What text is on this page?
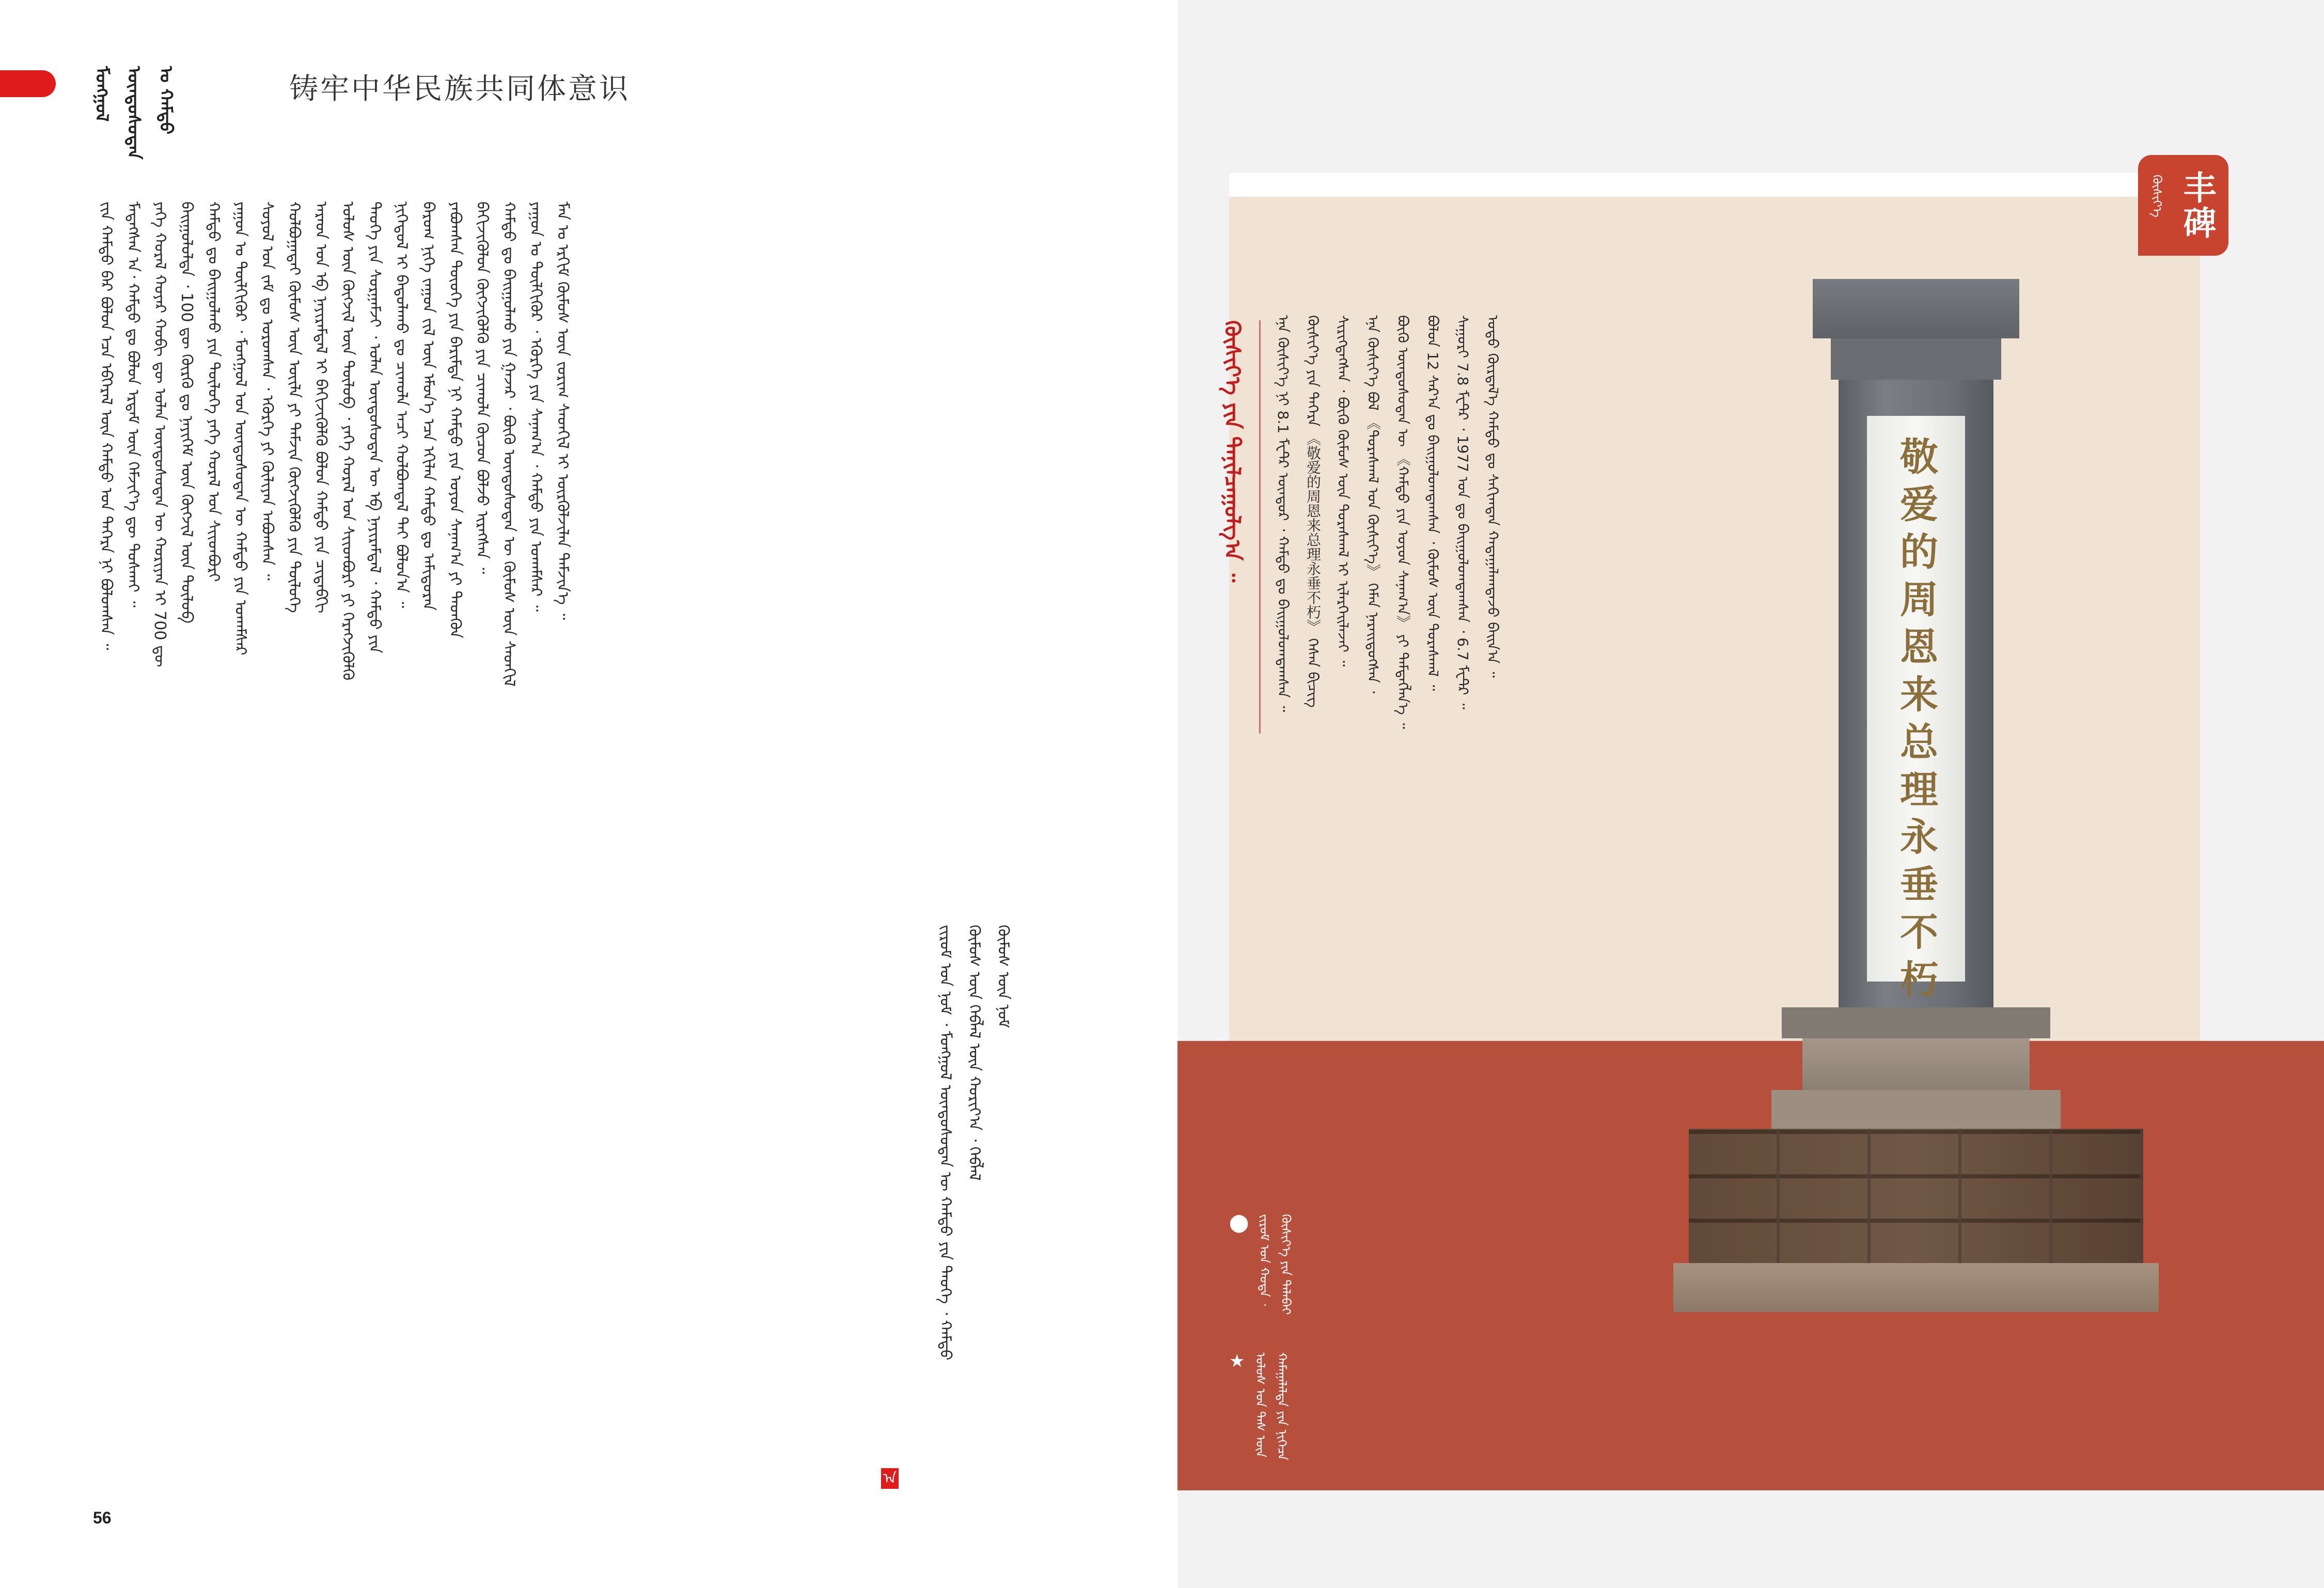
ᠮᠣᠩᠭᠣᠯ ᠦᠨᠳᠦᠰᠦᠲᠡᠨ ᠤ ᠬᠠᠮᠲᠤ	铸牢中华民族共同体意识
ᠵᠢᠨ ᠬᠠᠮᠲᠤ ᠪᠡᠷ ᠪᠣᠯᠤᠨ ᠡᠴᠡ ᠡᠪᠬᠡᠷᠡᠯ ᠦᠨ ᠬᠠᠮᠲᠤ ᠤᠨ ᠳᠡᠭᠡᠷᠡ ᠨᠢ ᠪᠣᠯᠤᠭᠰᠠᠨ ᠃ ᠮᠡᠳᠡᠭᠰᠡᠨ ᠠ᠂ ᠬᠠᠮᠲᠤ ᠳᠤ ᠪᠣᠯᠤᠨ ᠡᠷᠳᠡᠮ ᠦᠨ ᠬᠡᠮᠵᠢᠶ᠎ᠡ ᠳᠦ ᠲᠤᠰᠬᠠᠢ ᠃ ᠶᠡᠬᠡ ᠬᠤᠷᠠᠯ ᠬᠣᠶᠠᠷ ᠬᠤᠪᠢ ᠳᠦ ᠣᠯᠠᠨ ᠦᠨᠳᠦᠰᠦᠲᠡᠨ ᠦ ᠬᠣᠷᠢᠶᠠᠨ ᠢ 700 ᠳᠦ ᠪᠠᠢᠭᠤᠯᠤᠯᠲᠠ ᠂ 100 ᠳᠦ ᠬᠦᠷᠬᠦ ᠳᠤ ᠨᠡᠶᠢᠭᠡᠮ ᠦᠨ ᠬᠥᠭᠵᠢᠯ ᠦᠨ ᠲᠥᠯᠦᠪ ᠬᠠᠮᠲᠤ ᠳᠤ ᠪᠠᠢᠭᠤᠯᠬᠤ ᠶᠢᠨ ᠲᠥᠯᠥᠭᠡ ᠶᠡᠬᠡ ᠬᠤᠷᠠᠯ ᠤᠨ ᠰᠢᠢᠳᠪᠦᠷᠢ ᠶᠠᠭᠤᠨ ᠤ ᠲᠦᠯᠬᠢᠭᠦᠷ ᠂ ᠮᠣᠩᠭᠣᠯ ᠤᠨ ᠦᠨᠳᠦᠰᠦᠲᠡᠨ ᠦ ᠬᠠᠮᠲᠤ ᠶᠢᠨ ᠤᠬᠠᠮᠰᠠᠷ ᠰᠣᠶᠣᠯ ᠤᠨ ᠵᠠᠮ ᠳᠤ ᠣᠷᠣᠭᠰᠠᠨ ᠂ ᠡᠭᠦᠷᠭᠡ ᠶᠢ ᠬᠦᠯᠢᠶᠡᠨ ᠠᠪᠤᠭᠰᠠᠨ ᠃ ᠬᠣᠯᠪᠣᠭᠠᠲᠠᠢ ᠬᠦᠮᠦᠰ ᠦᠨ ᠦᠢᠯᠡ ᠶᠢ ᠳᠡᠮᠵᠢᠨ ᠬᠥᠭᠵᠢᠭᠦᠯᠬᠦ ᠶᠢᠨ ᠲᠥᠯᠥᠭᠡ ᠠᠷᠠᠳ ᠤᠨ ᠡᠪ ᠨᠠᠶᠢᠷᠠᠮᠳᠠᠯ ᠢ ᠪᠡᠬᠢᠵᠢᠭᠦᠯᠬᠦ ᠪᠣᠯᠤᠨ ᠬᠠᠮᠲᠤ ᠶᠢᠨ ᠴᠢᠳᠠᠪᠬᠢ ᠤᠯᠤᠰ ᠦᠨ ᠬᠥᠭᠵᠢᠯ ᠦᠨ ᠲᠥᠯᠦᠪ ᠂ ᠶᠡᠬᠡ ᠬᠤᠷᠠᠯ ᠤᠨ ᠰᠢᠢᠳᠪᠦᠷᠢ ᠶᠢ ᠬᠡᠷᠡᠭᠵᠢᠭᠦᠯᠬᠦ ᠲᠡᠦᠬᠡ ᠶᠢᠨ ᠰᠤᠷᠭᠠᠮᠵᠢ ᠂ ᠣᠯᠠᠨ ᠦᠨᠳᠦᠰᠦᠲᠡᠨ ᠦ ᠡᠪ ᠨᠠᠶᠢᠷᠠᠮᠳᠠᠯ ᠂ ᠬᠠᠮᠲᠤ ᠶᠢᠨ ᠨᠢᠭᠡᠳᠦᠯ ᠢ ᠪᠠᠲᠤᠯᠠᠬᠤ ᠳᠤ ᠴᠢᠬᠤᠯᠠ ᠠᠴᠢ ᠬᠣᠯᠪᠣᠭᠳᠠᠯ ᠲᠠᠢ ᠪᠣᠯᠤᠨ᠎ᠠ ᠃ ᠪᠠᠷᠤᠭ ᠨᠢᠭᠡ ᠵᠠᠭᠤᠨ ᠵᠢᠯ ᠦᠨ ᠡᠮᠦᠨ᠎ᠡ ᠡᠴᠡ ᠡᠬᠢᠯᠡᠨ ᠬᠠᠮᠲᠤ ᠳᠤ ᠠᠮᠢᠳᠤᠷᠠᠨ ᠶᠠᠪᠤᠭᠰᠠᠨ ᠲᠦᠦᠬᠡ ᠶᠢᠨ ᠪᠠᠷᠢᠮᠲᠠ ᠨᠢ ᠬᠠᠮᠲᠤ ᠶᠢᠨ ᠣᠶᠤᠨ ᠰᠠᠨᠠᠭ᠎ᠠ ᠶᠢ ᠲᠡᠳᠬᠦᠨ ᠪᠡᠬᠢᠵᠢᠭᠦᠯᠦᠨ ᠬᠥᠭᠵᠢᠭᠦᠯᠬᠦ ᠶᠢᠨ ᠴᠢᠬᠤᠯᠠ ᠬᠦᠴᠦᠨ ᠪᠣᠯᠵᠤ ᠢᠷᠡᠭᠰᠡᠨ ᠃ ᠬᠠᠮᠲᠤ ᠳᠤ ᠪᠠᠢᠭᠤᠯᠬᠤ ᠶᠢᠨ ᠭᠠᠵᠠᠷ ᠂ ᠪᠦᠬᠦ ᠦᠨᠳᠦᠰᠦᠲᠡᠨ ᠦ ᠬᠦᠮᠦᠰ ᠦᠨ ᠰᠡᠳᠬᠢᠯ ᠶᠠᠭᠤᠨ ᠤ ᠲᠦᠯᠬᠢᠭᠦᠷ ᠂ ᠡᠭᠦᠷᠭᠡ ᠶᠢᠨ ᠰᠠᠨᠠᠭ᠎ᠠ ᠂ ᠬᠠᠮᠲᠤ ᠶᠢᠨ ᠤᠬᠠᠮᠰᠠᠷ ᠃ ᠮᠠᠨ ᠤ ᠡᠷᠬᠢᠮ ᠬᠦᠮᠦᠰ ᠦᠨ ᠵᠣᠷᠢᠭ ᠰᠡᠳᠬᠢᠯ ᠢ ᠦᠷᠭᠦᠯᠵᠢᠯᠡᠨ ᠳᠡᠮᠵᠢᠨ᠎ᠡ ᠃
ᠵᠢᠷᠤᠮ ᠤᠨ ᠨᠣᠮ ᠂ ᠮᠣᠩᠭᠣᠯ ᠦᠨᠳᠦᠰᠦᠲᠡᠨ ᠦ ᠬᠠᠮᠲᠤ ᠶᠢᠨ ᠲᠡᠦᠬᠡ ᠂ ᠬᠠᠮᠲᠤ ᠬᠦᠮᠦᠰ ᠦᠨ ᠬᠡᠪᠯᠡᠯ ᠦᠨ ᠬᠣᠷᠢᠶ᠎ᠠ ᠂ ᠬᠡᠪᠯᠡᠯ ᠬᠦᠮᠦᠰ ᠦᠨ ᠨᠣᠮ
ᠠ
56
ᠬᠥᠰᠢᠶ᠎ᠡ 丰碑
ᠬᠥᠰᠢᠶ᠎ᠡ ᠶᠢᠨ ᠲᠠᠨᠢᠯᠴᠠᠭᠤᠯᠭ᠎ᠠ ᠃	ᠡᠨᠡ ᠬᠥᠰᠢᠶ᠎ᠡ ᠨᠢ 8.1 ᠮᠧᠲᠷ ᠥᠨᠳᠥᠷ ᠂ ᠬᠠᠮᠲᠤ ᠳᠤ ᠪᠠᠢᠭᠤᠯᠤᠭᠳᠠᠭᠰᠠᠨ ᠃ ᠬᠥᠰᠢᠶ᠎ᠡ ᠶᠢᠨ ᠳᠡᠭᠡᠷᠡ 《敬爱的周恩来总理永垂不朽》 ᠭᠡᠰᠡᠨ ᠪᠢᠴᠢᠭ ᠰᠢᠷᠢᠭᠳᠡᠭᠰᠡᠨ ᠂ ᠪᠦᠬᠦ ᠬᠦᠮᠦᠰ ᠦᠨ ᠳᠤᠷᠠᠰᠬᠠᠯ ᠢ ᠢᠯᠡᠷᠬᠡᠢᠯᠡᠵᠡᠢ ᠃ ᠡᠨᠡ ᠬᠥᠰᠢᠶ᠎ᠡ ᠪᠣᠯ 《ᠳᠤᠷᠠᠰᠬᠠᠯ ᠤᠨ ᠬᠥᠰᠢᠶ᠎ᠡ》 ᠬᠡᠮᠡᠨ ᠨᠡᠷᠡᠢᠳᠦᠭᠰᠡᠨ ᠂ ᠪᠦᠬᠦ ᠦᠨᠳᠦᠰᠦᠲᠡᠨ ᠦ 《ᠬᠠᠮᠲᠤ ᠶᠢᠨ ᠣᠶᠤᠨ ᠰᠠᠨᠠᠭ᠎ᠠ》 ᠶᠢ ᠲᠡᠮᠳᠡᠭᠯᠡᠨ᠎ᠡ ᠃ ᠪᠣᠯᠤᠨ 12 ᠰᠠᠷ᠎ᠠ ᠳᠤ ᠪᠠᠢᠭᠤᠯᠤᠭᠳᠠᠭᠰᠠᠨ ᠂ ᠬᠦᠮᠦᠰ ᠦᠨ ᠳᠤᠷᠠᠰᠬᠠᠯ ᠃ ᠰᠠᠭᠤᠷᠢ 7.8 ᠮᠧᠲᠷ ᠂ 1977 ᠣᠨ ᠳᠤ ᠪᠠᠢᠭᠤᠯᠤᠭᠳᠠᠭᠰᠠᠨ ᠂ 6.7 ᠮᠧᠲᠷ ᠃ ᠣᠳᠣ ᠬᠦᠷᠲᠡᠯ᠎ᠡ ᠬᠠᠮᠲᠤ ᠳᠤ ᠰᠠᠬᠢᠭᠳᠠᠨ ᠬᠠᠳᠠᠭᠠᠯᠠᠭᠳᠠᠵᠤ ᠪᠠᠢᠨ᠎ᠠ ᠃	敬爱的周恩来总理永垂不朽
⬤ ᠵᠢᠷᠤᠮ ᠤᠨ ᠬᠣᠲᠠ ᠂ ᠬᠥᠰᠢᠶ᠎ᠡ ᠶᠢᠨ ᠲᠠᠯᠠᠪᠠᠢ
★ ᠤᠯᠤᠰ ᠤᠨ ᠳᠡᠰ ᠦᠨ ᠬᠠᠮᠠᠭᠠᠯᠠᠯᠲᠠ ᠶᠢᠨ ᠨᠢᠭᠡᠴᠡ
